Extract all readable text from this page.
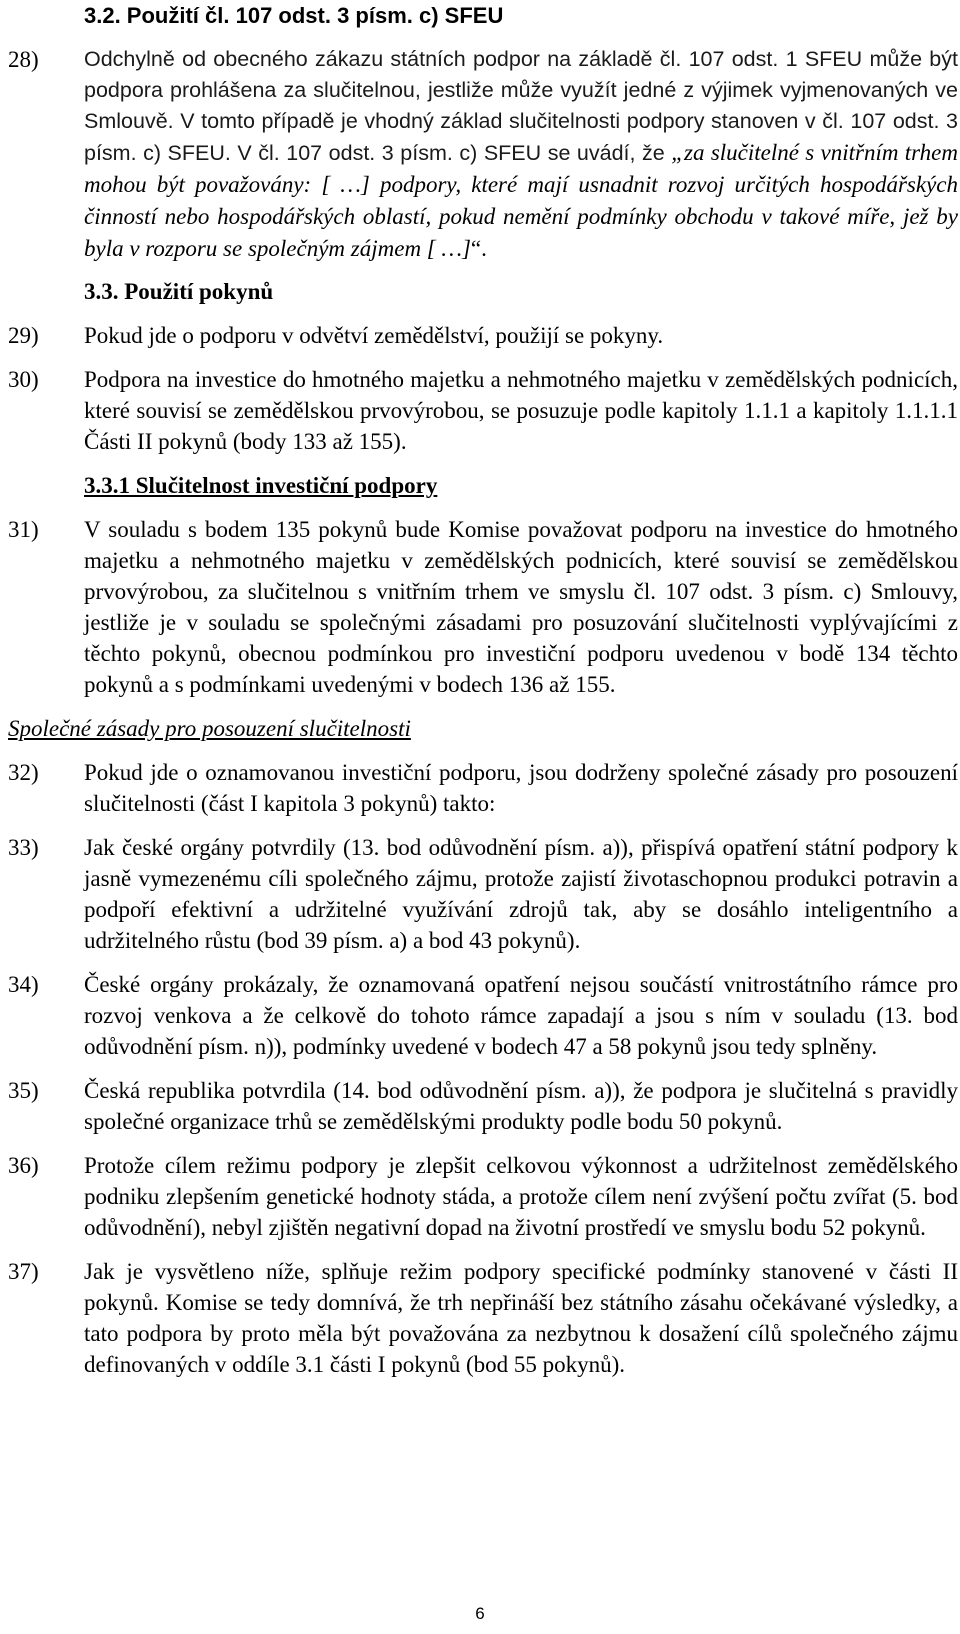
3.2. Použití čl. 107 odst. 3 písm. c) SFEU
28) Odchylně od obecného zákazu státních podpor na základě čl. 107 odst. 1 SFEU může být podpora prohlášena za slučitelnou, jestliže může využít jedné z výjimek vyjmenovaných ve Smlouvě. V tomto případě je vhodný základ slučitelnosti podpory stanoven v čl. 107 odst. 3 písm. c) SFEU. V čl. 107 odst. 3 písm. c) SFEU se uvádí, že „za slučitelné s vnitřním trhem mohou být považovány: [ …] podpory, které mají usnadnit rozvoj určitých hospodářských činností nebo hospodářských oblastí, pokud nemění podmínky obchodu v takové míře, jež by byla v rozporu se společným zájmem [ …]“.
3.3. Použití pokynů
29) Pokud jde o podporu v odvětví zemědělství, použijí se pokyny.
30) Podpora na investice do hmotného majetku a nehmotného majetku v zemědělských podnicích, které souvisí se zemědělskou prvovýrobou, se posuzuje podle kapitoly 1.1.1 a kapitoly 1.1.1.1 Části II pokynů (body 133 až 155).
3.3.1 Slučitelnost investiční podpory
31) V souladu s bodem 135 pokynů bude Komise považovat podporu na investice do hmotného majetku a nehmotného majetku v zemědělských podnicích, které souvisí se zemědělskou prvovýrobou, za slučitelnou s vnitřním trhem ve smyslu čl. 107 odst. 3 písm. c) Smlouvy, jestliže je v souladu se společnými zásadami pro posuzování slučitelnosti vyplývajícími z těchto pokynů, obecnou podmínkou pro investiční podporu uvedenou v bodě 134 těchto pokynů a s podmínkami uvedenými v bodech 136 až 155.
Společné zásady pro posouzení slučitelnosti
32) Pokud jde o oznamovanou investiční podporu, jsou dodrženy společné zásady pro posouzení slučitelnosti (část I kapitola 3 pokynů) takto:
33) Jak české orgány potvrdily (13. bod odůvodnění písm. a)), přispívá opatření státní podpory k jasně vymezenému cíli společného zájmu, protože zajistí životaschopnou produkci potravin a podpoří efektivní a udržitelné využívání zdrojů tak, aby se dosáhlo inteligentního a udržitelného růstu (bod 39 písm. a) a bod 43 pokynů).
34) České orgány prokázaly, že oznamovaná opatření nejsou součástí vnitrostátního rámce pro rozvoj venkova a že celkově do tohoto rámce zapadají a jsou s ním v souladu (13. bod odůvodnění písm. n)), podmínky uvedené v bodech 47 a 58 pokynů jsou tedy splněny.
35) Česká republika potvrdila (14. bod odůvodnění písm. a)), že podpora je slučitelná s pravidly společné organizace trhů se zemědělskými produkty podle bodu 50 pokynů.
36) Protože cílem režimu podpory je zlepšit celkovou výkonnost a udržitelnost zemědělského podniku zlepšením genetické hodnoty stáda, a protože cílem není zvýšení počtu zvířat (5. bod odůvodnění), nebyl zjištěn negativní dopad na životní prostředí ve smyslu bodu 52 pokynů.
37) Jak je vysvětleno níže, splňuje režim podpory specifické podmínky stanovené v části II pokynů. Komise se tedy domnívá, že trh nepřináší bez státního zásahu očekávané výsledky, a tato podpora by proto měla být považována za nezbytnou k dosažení cílů společného zájmu definovaných v oddíle 3.1 části I pokynů (bod 55 pokynů).
6
